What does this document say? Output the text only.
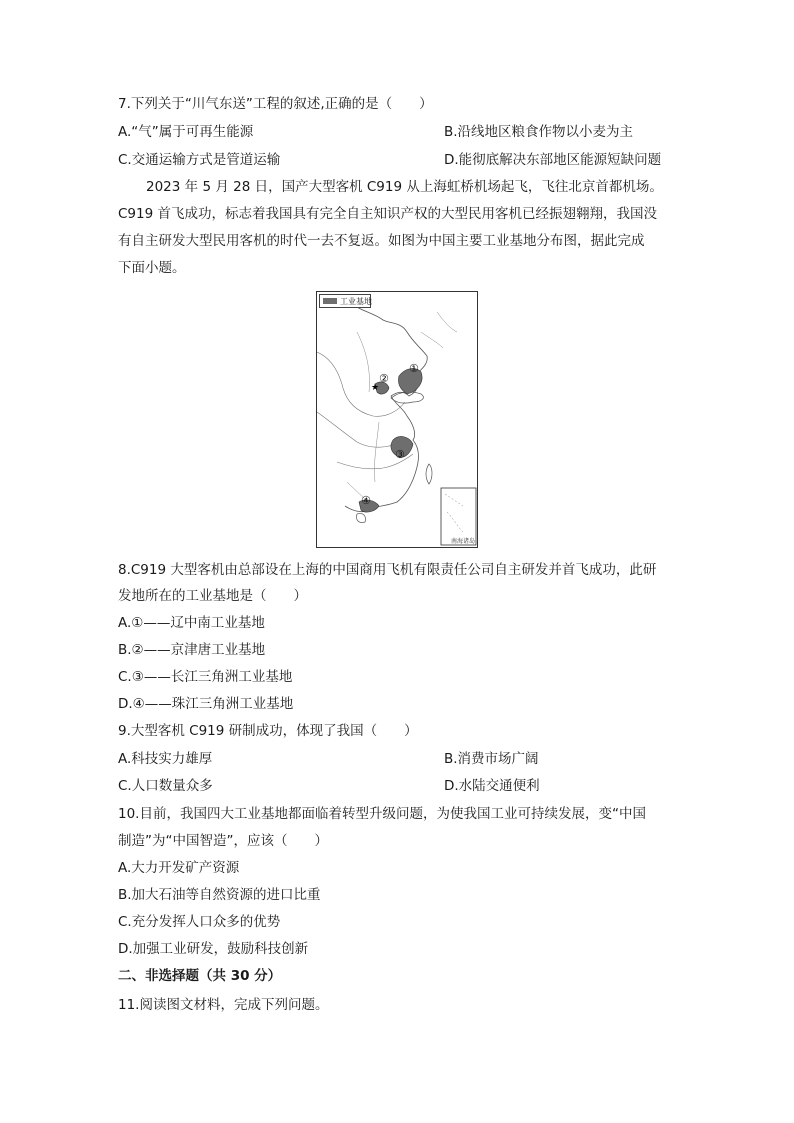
7.下列关于“川气东送”工程的叙述,正确的是（　　）
A.“气”属于可再生能源	B.沿线地区粮食作物以小麦为主
C.交通运输方式是管道运输	D.能彻底解决东部地区能源短缺问题
2023 年 5 月 28 日，国产大型客机 C919 从上海虹桥机场起飞，飞往北京首都机场。
C919 首飞成功，标志着我国具有完全自主知识产权的大型民用客机已经振翅翱翔，我国没
有自主研发大型民用客机的时代一去不复返。如图为中国主要工业基地分布图，据此完成
下面小题。
★
①
②
③
④
工业基地
南海诸岛
8.C919 大型客机由总部设在上海的中国商用飞机有限责任公司自主研发并首飞成功，此研
发地所在的工业基地是（　　）
A.①——辽中南工业基地
B.②——京津唐工业基地
C.③——长江三角洲工业基地
D.④——珠江三角洲工业基地
9.大型客机 C919 研制成功，体现了我国（　　）
A.科技实力雄厚	B.消费市场广阔
C.人口数量众多	D.水陆交通便利
10.目前，我国四大工业基地都面临着转型升级问题，为使我国工业可持续发展，变“中国
制造”为“中国智造”，应该（　　）
A.大力开发矿产资源
B.加大石油等自然资源的进口比重
C.充分发挥人口众多的优势
D.加强工业研发，鼓励科技创新
二、非选择题（共 30 分）
11.阅读图文材料，完成下列问题。
